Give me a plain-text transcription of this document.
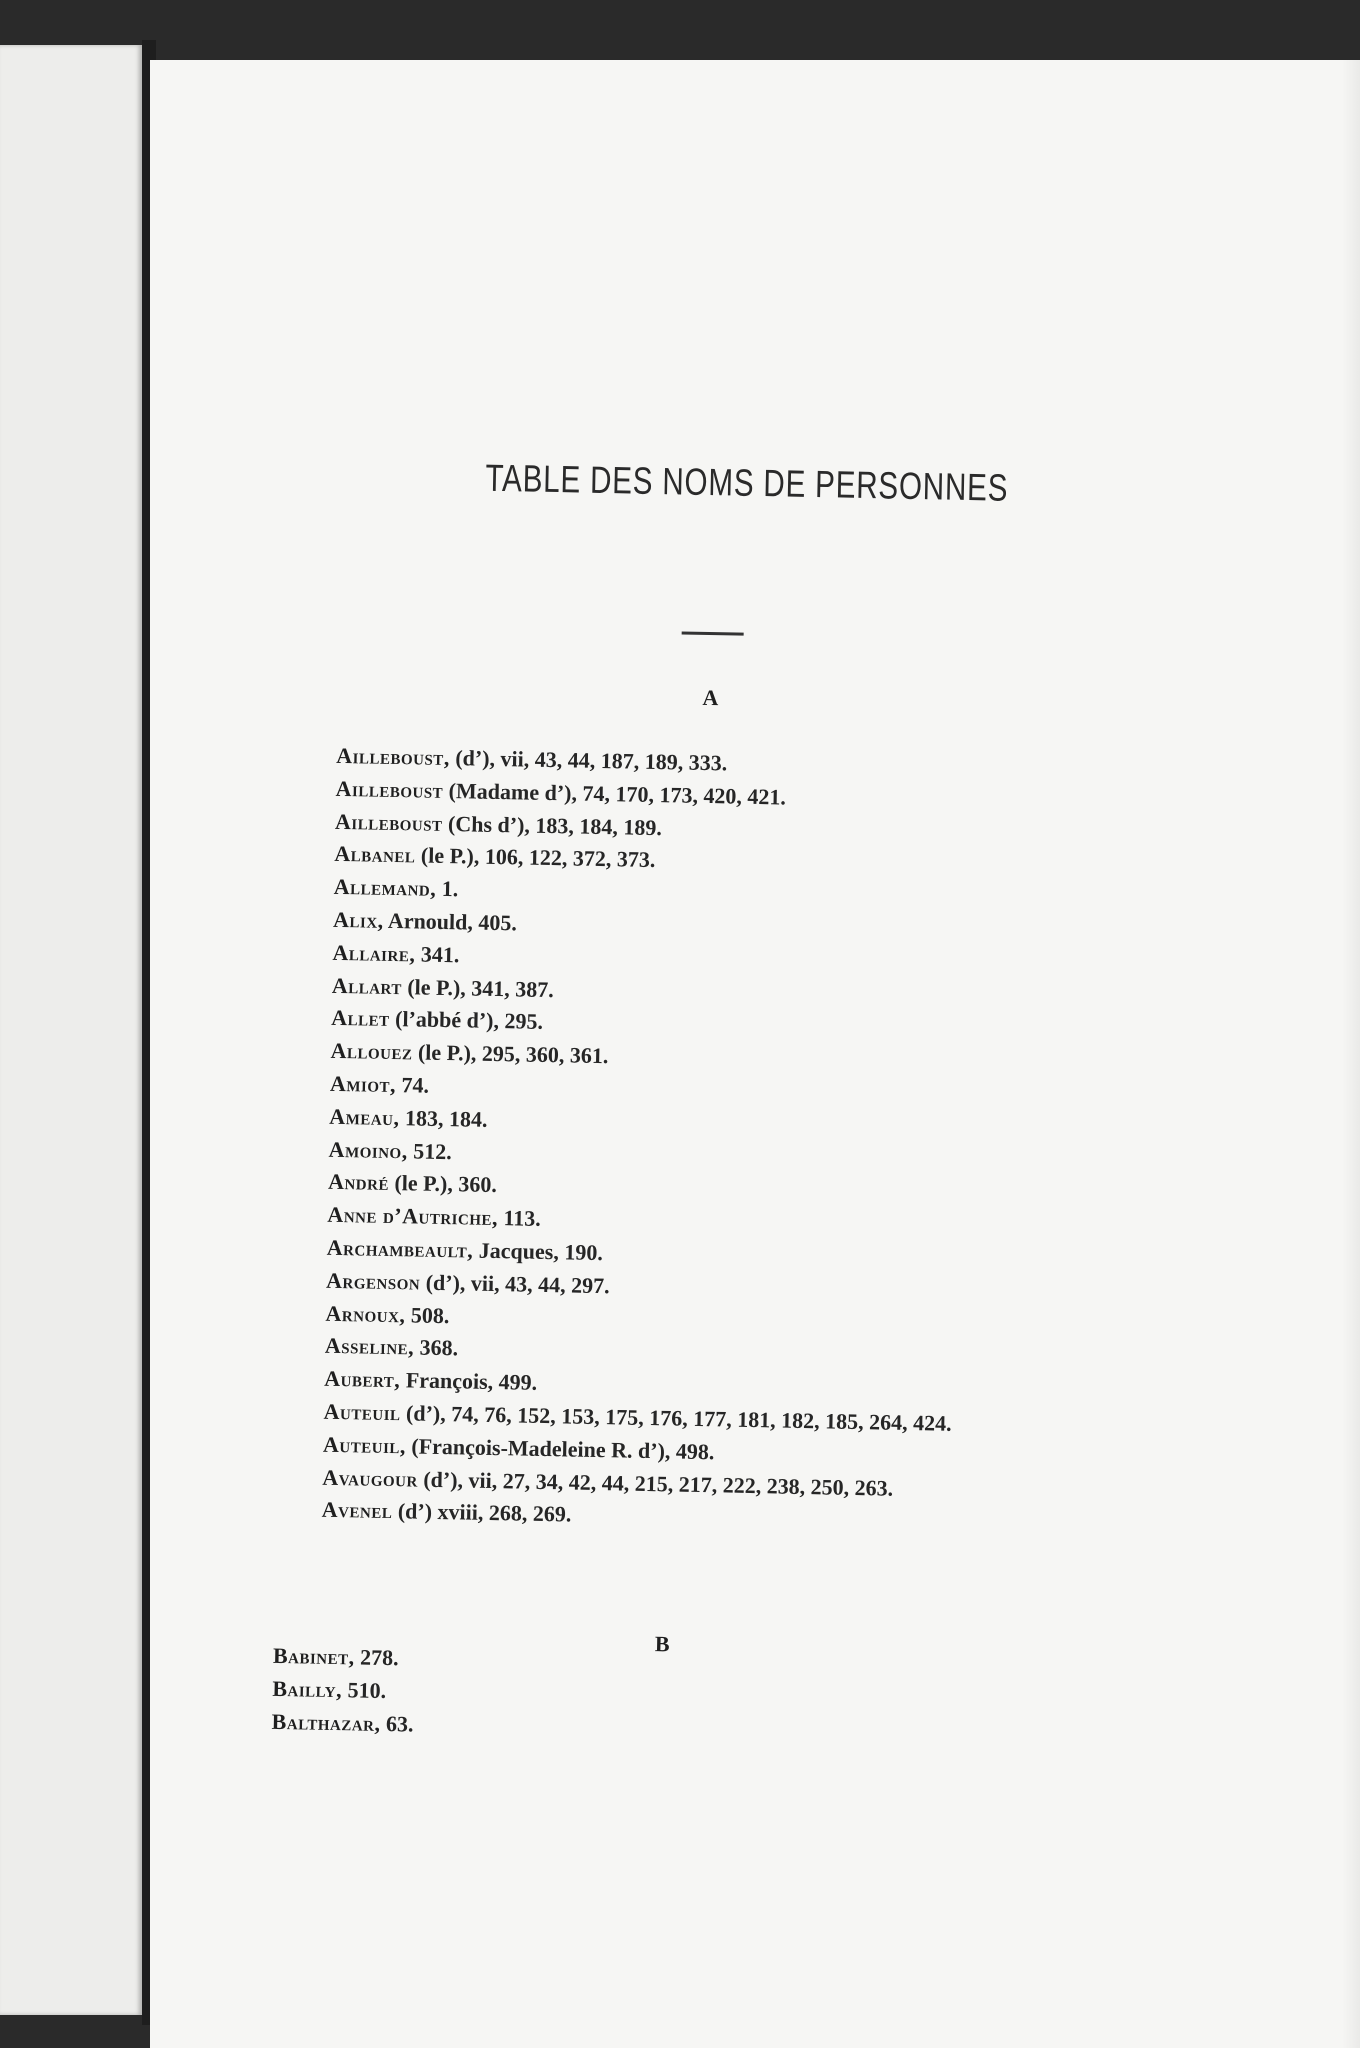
TABLE DES NOMS DE PERSONNES
A
Ailleboust, (d’), vii, 43, 44, 187, 189, 333.
Ailleboust (Madame d’), 74, 170, 173, 420, 421.
Ailleboust (Chs d’), 183, 184, 189.
Albanel (le P.), 106, 122, 372, 373.
Allemand, 1.
Alix, Arnould, 405.
Allaire, 341.
Allart (le P.), 341, 387.
Allet (l’abbé d’), 295.
Allouez (le P.), 295, 360, 361.
Amiot, 74.
Ameau, 183, 184.
Amoino, 512.
André (le P.), 360.
Anne d’Autriche, 113.
Archambeault, Jacques, 190.
Argenson (d’), vii, 43, 44, 297.
Arnoux, 508.
Asseline, 368.
Aubert, François, 499.
Auteuil (d’), 74, 76, 152, 153, 175, 176, 177, 181, 182, 185, 264, 424.
Auteuil, (François-Madeleine R. d’), 498.
Avaugour (d’), vii, 27, 34, 42, 44, 215, 217, 222, 238, 250, 263.
Avenel (d’) xviii, 268, 269.
B
Babinet, 278.
Bailly, 510.
Balthazar, 63.
